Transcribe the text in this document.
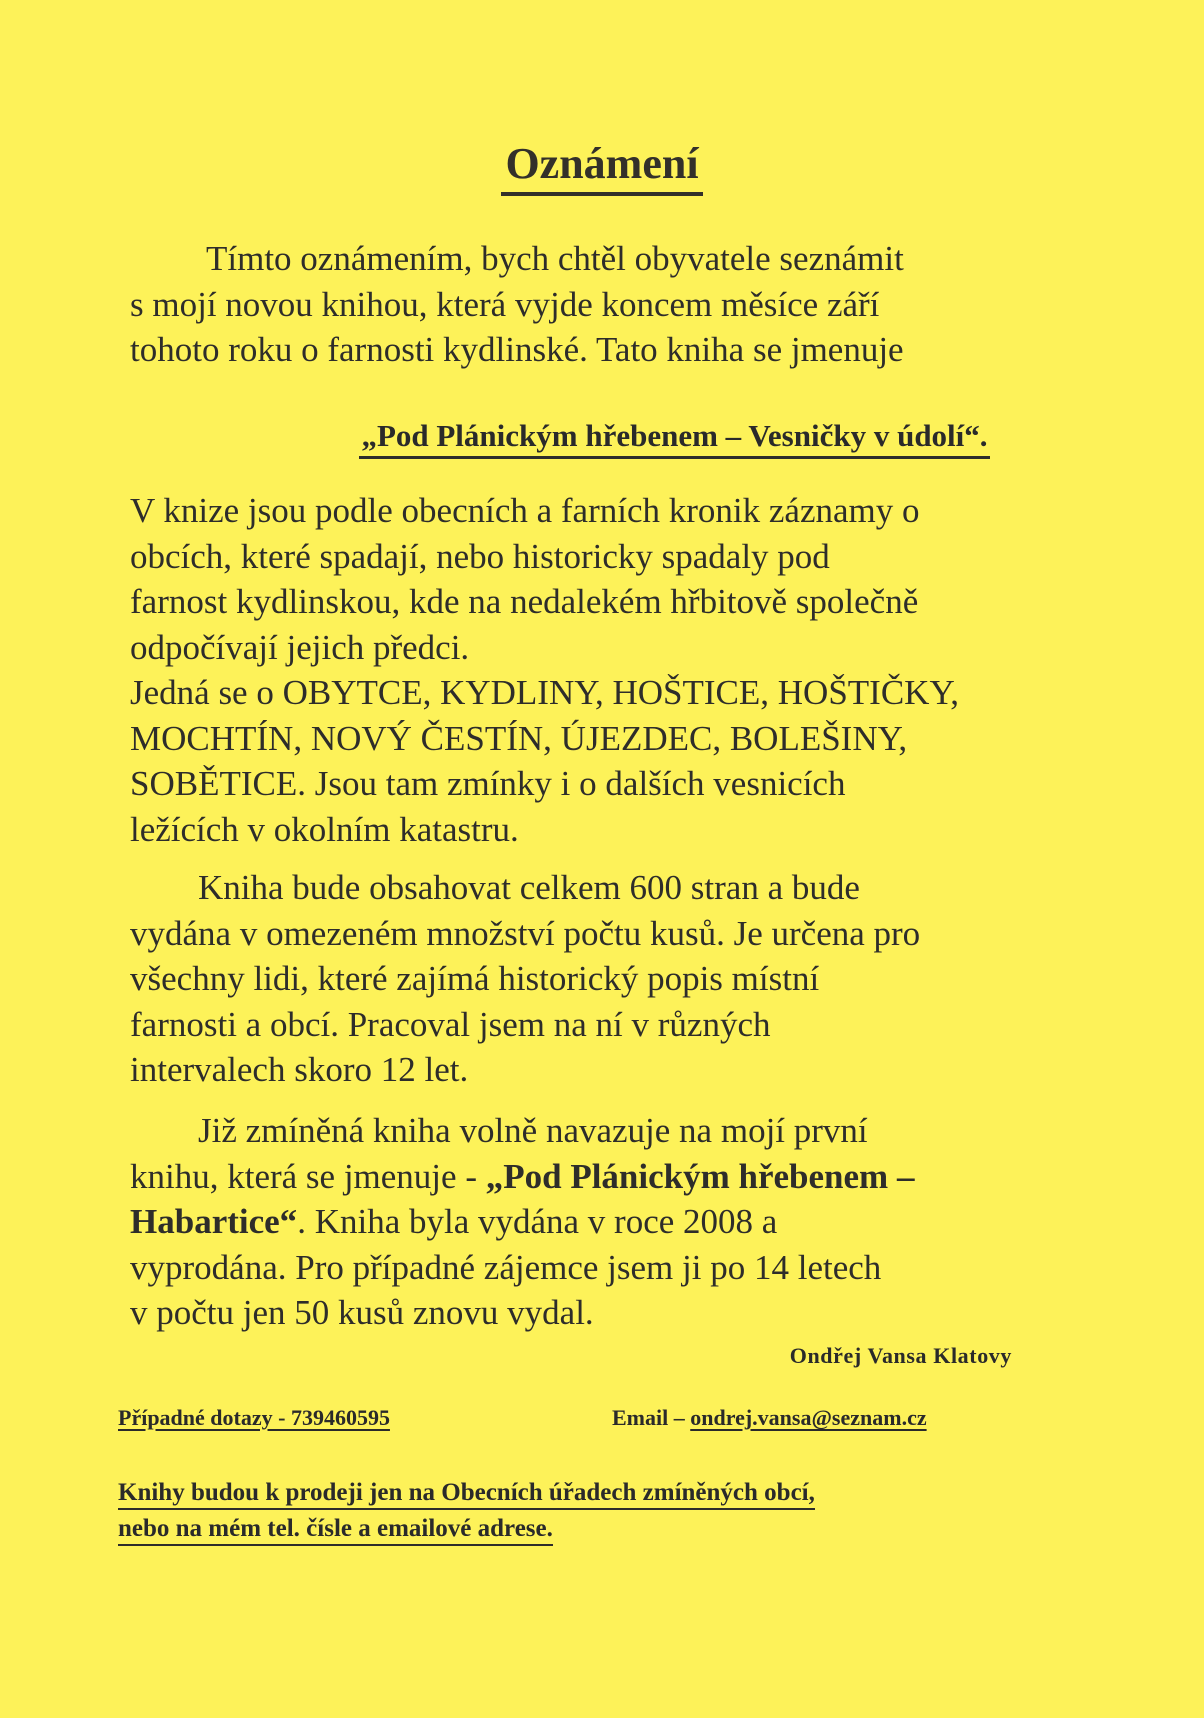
Oznámení
Tímto oznámením, bych chtěl obyvatele seznámit
s mojí novou knihou, která vyjde koncem měsíce září
tohoto roku o farnosti kydlinské. Tato kniha se jmenuje
„Pod Plánickým hřebenem – Vesničky v údolí“.
V knize jsou podle obecních a farních kronik záznamy o
obcích, které spadají, nebo historicky spadaly pod
farnost kydlinskou, kde na nedalekém hřbitově společně
odpočívají jejich předci.
Jedná se o OBYTCE, KYDLINY, HOŠTICE, HOŠTIČKY,
MOCHTÍN, NOVÝ ČESTÍN, ÚJEZDEC, BOLEŠINY,
SOBĚTICE. Jsou tam zmínky i o dalších vesnicích
ležících v okolním katastru.
Kniha bude obsahovat celkem 600 stran a bude
vydána v omezeném množství počtu kusů. Je určena pro
všechny lidi, které zajímá historický popis místní
farnosti a obcí. Pracoval jsem na ní v různých
intervalech skoro 12 let.
Již zmíněná kniha volně navazuje na mojí první
knihu, která se jmenuje - „Pod Plánickým hřebenem –
Habartice“. Kniha byla vydána v roce 2008 a
vyprodána. Pro případné zájemce jsem ji po 14 letech
v počtu jen 50 kusů znovu vydal.
Ondřej Vansa Klatovy
Případné dotazy - 739460595	Email – ondrej.vansa@seznam.cz
Knihy budou k prodeji jen na Obecních úřadech zmíněných obcí,
nebo na mém tel. čísle a emailové adrese.
